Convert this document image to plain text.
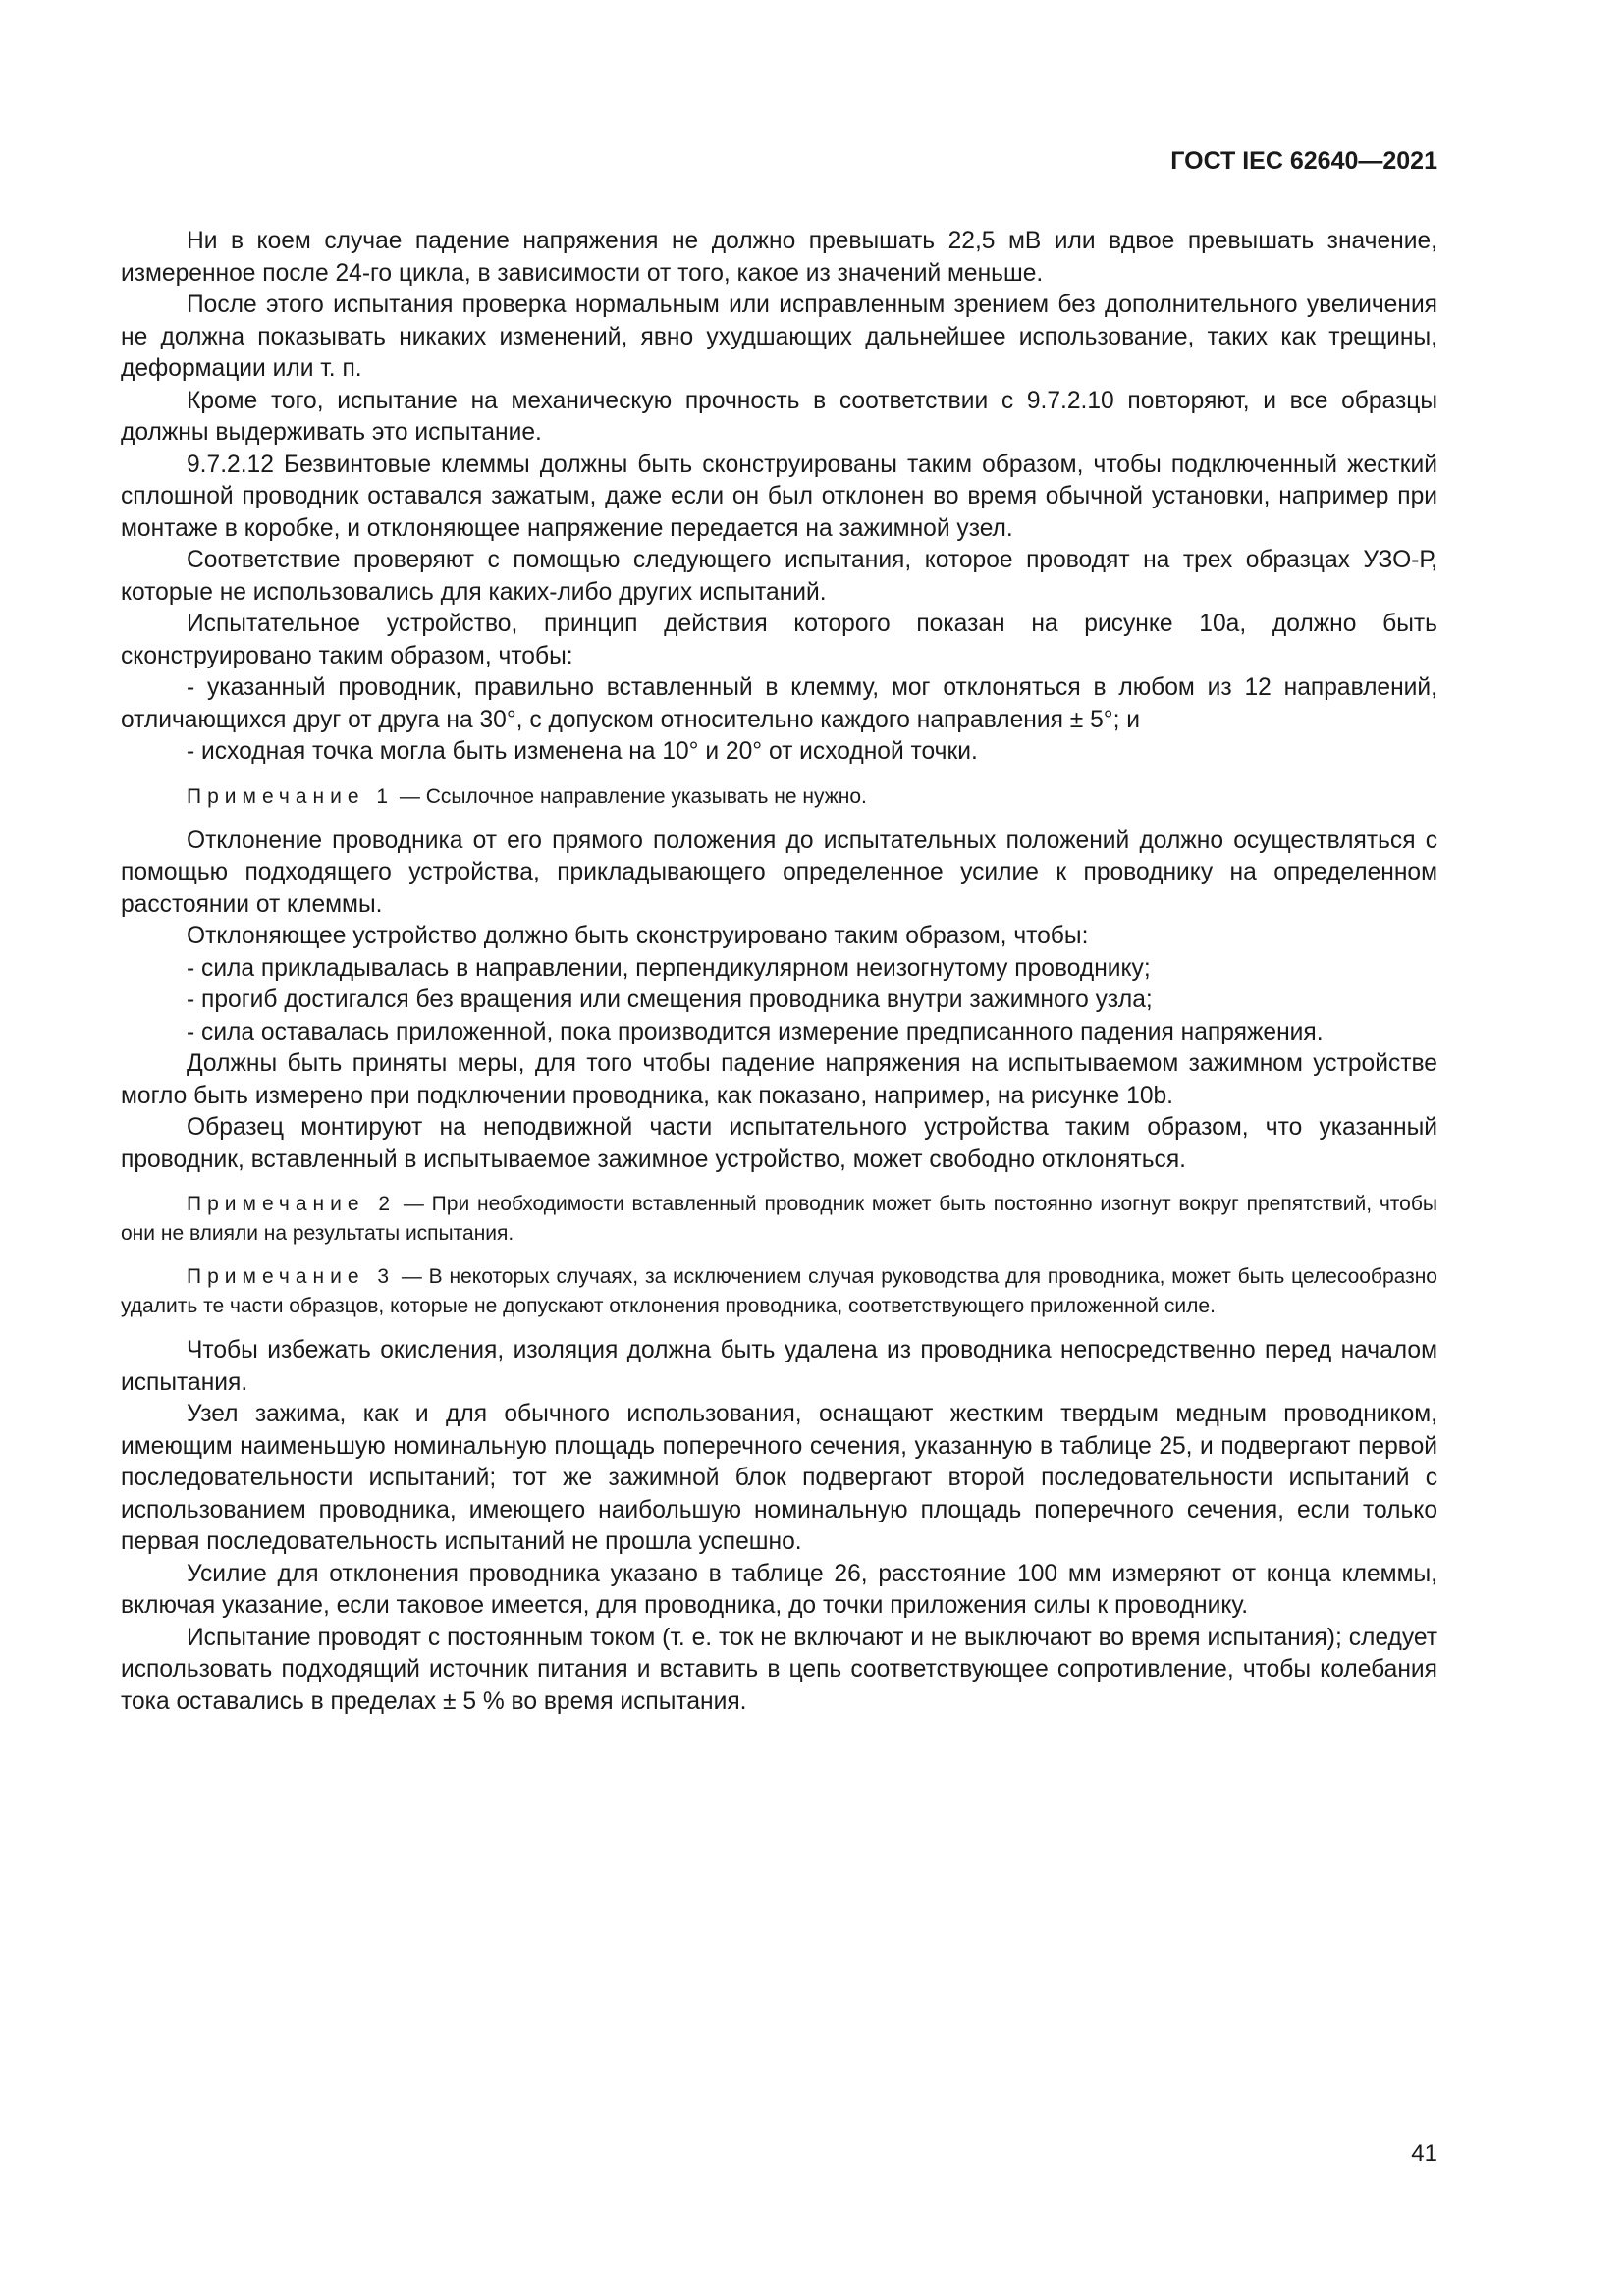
ГОСТ IEC 62640—2021

Ни в коем случае падение напряжения не должно превышать 22,5 мВ или вдвое превышать значение, измеренное после 24-го цикла, в зависимости от того, какое из значений меньше.

После этого испытания проверка нормальным или исправленным зрением без дополнительного увеличения не должна показывать никаких изменений, явно ухудшающих дальнейшее использование, таких как трещины, деформации или т. п.

Кроме того, испытание на механическую прочность в соответствии с 9.7.2.10 повторяют, и все образцы должны выдерживать это испытание.

9.7.2.12 Безвинтовые клеммы должны быть сконструированы таким образом, чтобы подключенный жесткий сплошной проводник оставался зажатым, даже если он был отклонен во время обычной установки, например при монтаже в коробке, и отклоняющее напряжение передается на зажимной узел.

Соответствие проверяют с помощью следующего испытания, которое проводят на трех образцах УЗО-Р, которые не использовались для каких-либо других испытаний.

Испытательное устройство, принцип действия которого показан на рисунке 10а, должно быть сконструировано таким образом, чтобы:

- указанный проводник, правильно вставленный в клемму, мог отклоняться в любом из 12 направлений, отличающихся друг от друга на 30°, с допуском относительно каждого направления ± 5°; и

- исходная точка могла быть изменена на 10° и 20° от исходной точки.

Примечание 1 — Ссылочное направление указывать не нужно.

Отклонение проводника от его прямого положения до испытательных положений должно осуществляться с помощью подходящего устройства, прикладывающего определенное усилие к проводнику на определенном расстоянии от клеммы.

Отклоняющее устройство должно быть сконструировано таким образом, чтобы:

- сила прикладывалась в направлении, перпендикулярном неизогнутому проводнику;

- прогиб достигался без вращения или смещения проводника внутри зажимного узла;

- сила оставалась приложенной, пока производится измерение предписанного падения напряжения.

Должны быть приняты меры, для того чтобы падение напряжения на испытываемом зажимном устройстве могло быть измерено при подключении проводника, как показано, например, на рисунке 10b.

Образец монтируют на неподвижной части испытательного устройства таким образом, что указанный проводник, вставленный в испытываемое зажимное устройство, может свободно отклоняться.

Примечание 2 — При необходимости вставленный проводник может быть постоянно изогнут вокруг препятствий, чтобы они не влияли на результаты испытания.

Примечание 3 — В некоторых случаях, за исключением случая руководства для проводника, может быть целесообразно удалить те части образцов, которые не допускают отклонения проводника, соответствующего приложенной силе.

Чтобы избежать окисления, изоляция должна быть удалена из проводника непосредственно перед началом испытания.

Узел зажима, как и для обычного использования, оснащают жестким твердым медным проводником, имеющим наименьшую номинальную площадь поперечного сечения, указанную в таблице 25, и подвергают первой последовательности испытаний; тот же зажимной блок подвергают второй последовательности испытаний с использованием проводника, имеющего наибольшую номинальную площадь поперечного сечения, если только первая последовательность испытаний не прошла успешно.

Усилие для отклонения проводника указано в таблице 26, расстояние 100 мм измеряют от конца клеммы, включая указание, если таковое имеется, для проводника, до точки приложения силы к проводнику.

Испытание проводят с постоянным током (т. е. ток не включают и не выключают во время испытания); следует использовать подходящий источник питания и вставить в цепь соответствующее сопротивление, чтобы колебания тока оставались в пределах ± 5 % во время испытания.

41
